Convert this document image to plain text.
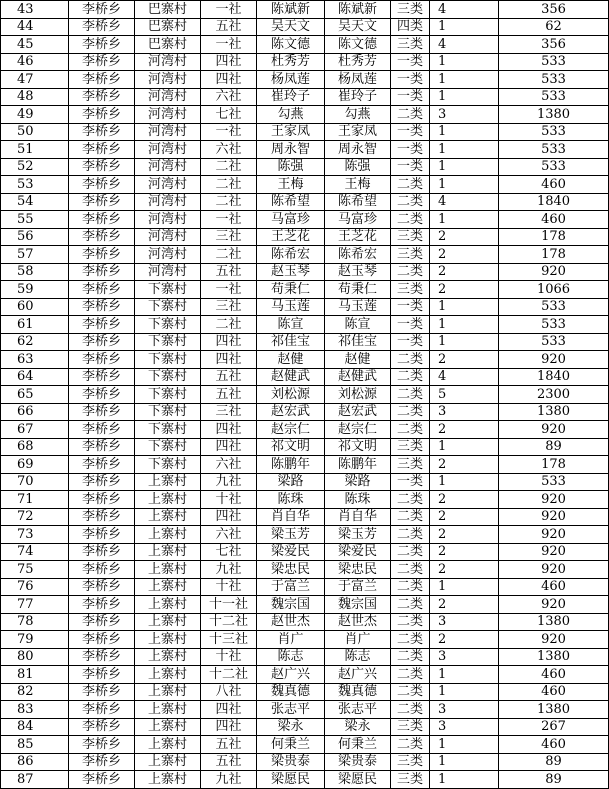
43	李桥乡	巴寨村	一社	陈斌新	陈斌新	三类	4	356
44	李桥乡	巴寨村	五社	吴天文	吴天文	四类	1	62
45	李桥乡	巴寨村	一社	陈文德	陈文德	三类	4	356
46	李桥乡	河湾村	四社	杜秀芳	杜秀芳	一类	1	533
47	李桥乡	河湾村	四社	杨凤莲	杨凤莲	一类	1	533
48	李桥乡	河湾村	六社	崔玲子	崔玲子	一类	1	533
49	李桥乡	河湾村	七社	勾燕	勾燕	二类	3	1380
50	李桥乡	河湾村	一社	王家凤	王家凤	一类	1	533
51	李桥乡	河湾村	六社	周永智	周永智	一类	1	533
52	李桥乡	河湾村	二社	陈强	陈强	一类	1	533
53	李桥乡	河湾村	二社	王梅	王梅	二类	1	460
54	李桥乡	河湾村	二社	陈希望	陈希望	二类	4	1840
55	李桥乡	河湾村	一社	马富珍	马富珍	二类	1	460
56	李桥乡	河湾村	三社	王芝花	王芝花	三类	2	178
57	李桥乡	河湾村	二社	陈希宏	陈希宏	三类	2	178
58	李桥乡	河湾村	五社	赵玉琴	赵玉琴	二类	2	920
59	李桥乡	下寨村	一社	苟秉仁	苟秉仁	三类	2	1066
60	李桥乡	下寨村	三社	马玉莲	马玉莲	一类	1	533
61	李桥乡	下寨村	二社	陈宣	陈宣	一类	1	533
62	李桥乡	下寨村	四社	祁佳宝	祁佳宝	一类	1	533
63	李桥乡	下寨村	四社	赵健	赵健	二类	2	920
64	李桥乡	下寨村	五社	赵健武	赵健武	二类	4	1840
65	李桥乡	下寨村	五社	刘松源	刘松源	二类	5	2300
66	李桥乡	下寨村	三社	赵宏武	赵宏武	二类	3	1380
67	李桥乡	下寨村	四社	赵宗仁	赵宗仁	二类	2	920
68	李桥乡	下寨村	四社	祁文明	祁文明	三类	1	89
69	李桥乡	下寨村	六社	陈鹏年	陈鹏年	三类	2	178
70	李桥乡	上寨村	九社	梁路	梁路	一类	1	533
71	李桥乡	上寨村	十社	陈珠	陈珠	二类	2	920
72	李桥乡	上寨村	四社	肖自华	肖自华	二类	2	920
73	李桥乡	上寨村	六社	梁玉芳	梁玉芳	二类	2	920
74	李桥乡	上寨村	七社	梁爱民	梁爱民	二类	2	920
75	李桥乡	上寨村	九社	梁忠民	梁忠民	二类	2	920
76	李桥乡	上寨村	十社	于富兰	于富兰	二类	1	460
77	李桥乡	上寨村	十一社	魏宗国	魏宗国	二类	2	920
78	李桥乡	上寨村	十二社	赵世杰	赵世杰	二类	3	1380
79	李桥乡	上寨村	十三社	肖广	肖广	二类	2	920
80	李桥乡	上寨村	十社	陈志	陈志	二类	3	1380
81	李桥乡	上寨村	十二社	赵广兴	赵广兴	二类	1	460
82	李桥乡	上寨村	八社	魏真德	魏真德	二类	1	460
83	李桥乡	上寨村	四社	张志平	张志平	二类	3	1380
84	李桥乡	上寨村	四社	梁永	梁永	三类	3	267
85	李桥乡	上寨村	五社	何秉兰	何秉兰	二类	1	460
86	李桥乡	上寨村	五社	梁贵泰	梁贵泰	三类	1	89
87	李桥乡	上寨村	九社	梁愿民	梁愿民	三类	1	89
